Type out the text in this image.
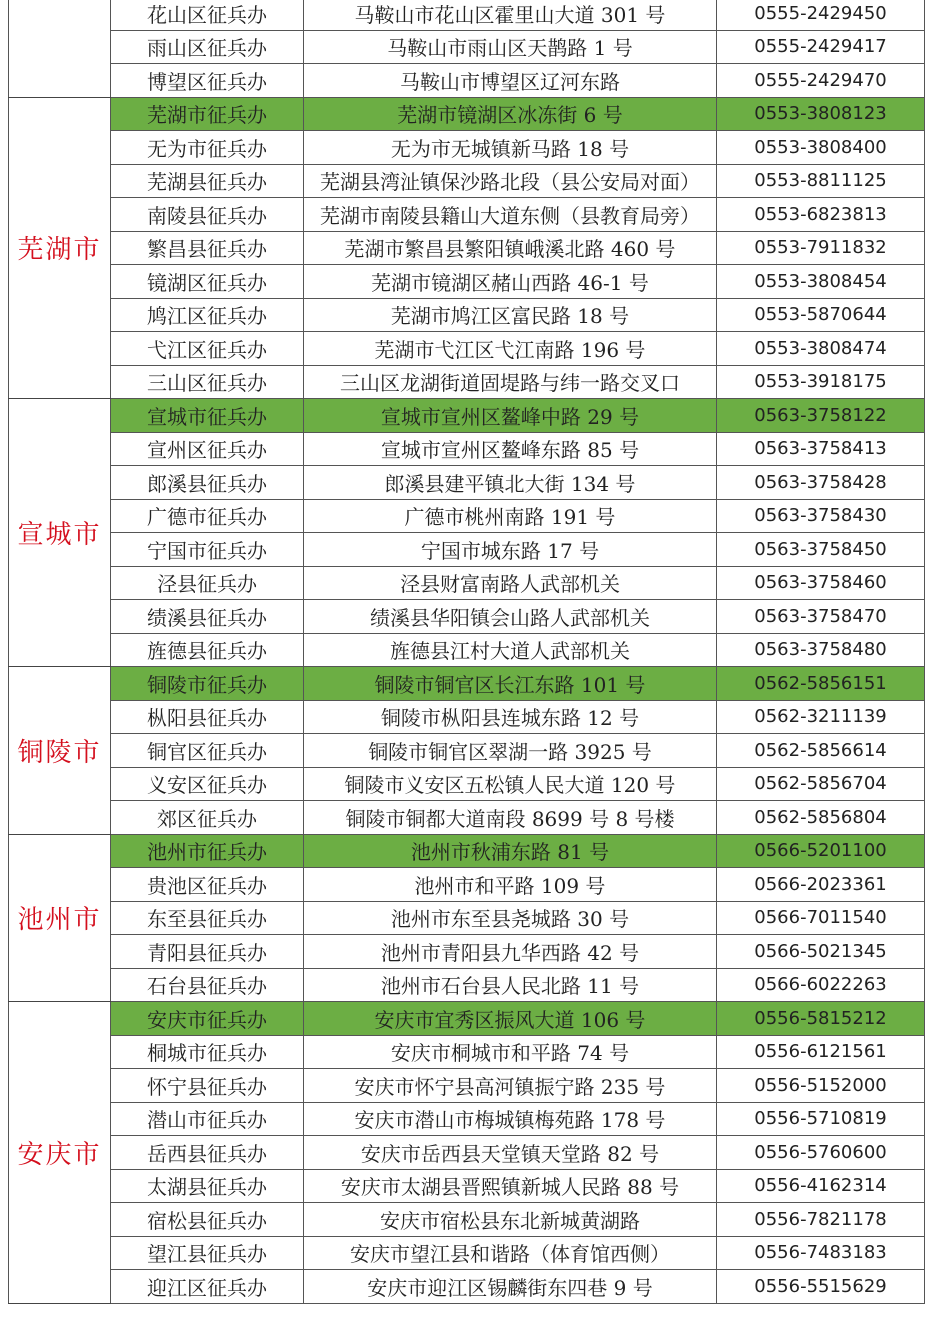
	花山区征兵办	马鞍山市花山区霍里山大道 301 号	0555-2429450
	雨山区征兵办	马鞍山市雨山区天鹊路 1 号	0555-2429417
	博望区征兵办	马鞍山市博望区辽河东路	0555-2429470
芜湖市	芜湖市征兵办	芜湖市镜湖区冰冻街 6 号	0553-3808123
	无为市征兵办	无为市无城镇新马路 18 号	0553-3808400
	芜湖县征兵办	芜湖县湾沚镇保沙路北段（县公安局对面）	0553-8811125
	南陵县征兵办	芜湖市南陵县籍山大道东侧（县教育局旁）	0553-6823813
	繁昌县征兵办	芜湖市繁昌县繁阳镇峨溪北路 460 号	0553-7911832
	镜湖区征兵办	芜湖市镜湖区赭山西路 46-1 号	0553-3808454
	鸠江区征兵办	芜湖市鸠江区富民路 18 号	0553-5870644
	弋江区征兵办	芜湖市弋江区弋江南路 196 号	0553-3808474
	三山区征兵办	三山区龙湖街道固堤路与纬一路交叉口	0553-3918175
宣城市	宣城市征兵办	宣城市宣州区鳌峰中路 29 号	0563-3758122
	宣州区征兵办	宣城市宣州区鳌峰东路 85 号	0563-3758413
	郎溪县征兵办	郎溪县建平镇北大街 134 号	0563-3758428
	广德市征兵办	广德市桃州南路 191 号	0563-3758430
	宁国市征兵办	宁国市城东路 17 号	0563-3758450
	泾县征兵办	泾县财富南路人武部机关	0563-3758460
	绩溪县征兵办	绩溪县华阳镇会山路人武部机关	0563-3758470
	旌德县征兵办	旌德县江村大道人武部机关	0563-3758480
铜陵市	铜陵市征兵办	铜陵市铜官区长江东路 101 号	0562-5856151
	枞阳县征兵办	铜陵市枞阳县连城东路 12 号	0562-3211139
	铜官区征兵办	铜陵市铜官区翠湖一路 3925 号	0562-5856614
	义安区征兵办	铜陵市义安区五松镇人民大道 120 号	0562-5856704
	郊区征兵办	铜陵市铜都大道南段 8699 号 8 号楼	0562-5856804
池州市	池州市征兵办	池州市秋浦东路 81 号	0566-5201100
	贵池区征兵办	池州市和平路 109 号	0566-2023361
	东至县征兵办	池州市东至县尧城路 30 号	0566-7011540
	青阳县征兵办	池州市青阳县九华西路 42 号	0566-5021345
	石台县征兵办	池州市石台县人民北路 11 号	0566-6022263
安庆市	安庆市征兵办	安庆市宜秀区振风大道 106 号	0556-5815212
	桐城市征兵办	安庆市桐城市和平路 74 号	0556-6121561
	怀宁县征兵办	安庆市怀宁县高河镇振宁路 235 号	0556-5152000
	潜山市征兵办	安庆市潜山市梅城镇梅苑路 178 号	0556-5710819
	岳西县征兵办	安庆市岳西县天堂镇天堂路 82 号	0556-5760600
	太湖县征兵办	安庆市太湖县晋熙镇新城人民路 88 号	0556-4162314
	宿松县征兵办	安庆市宿松县东北新城黄湖路	0556-7821178
	望江县征兵办	安庆市望江县和谐路（体育馆西侧）	0556-7483183
	迎江区征兵办	安庆市迎江区锡麟街东四巷 9 号	0556-5515629
